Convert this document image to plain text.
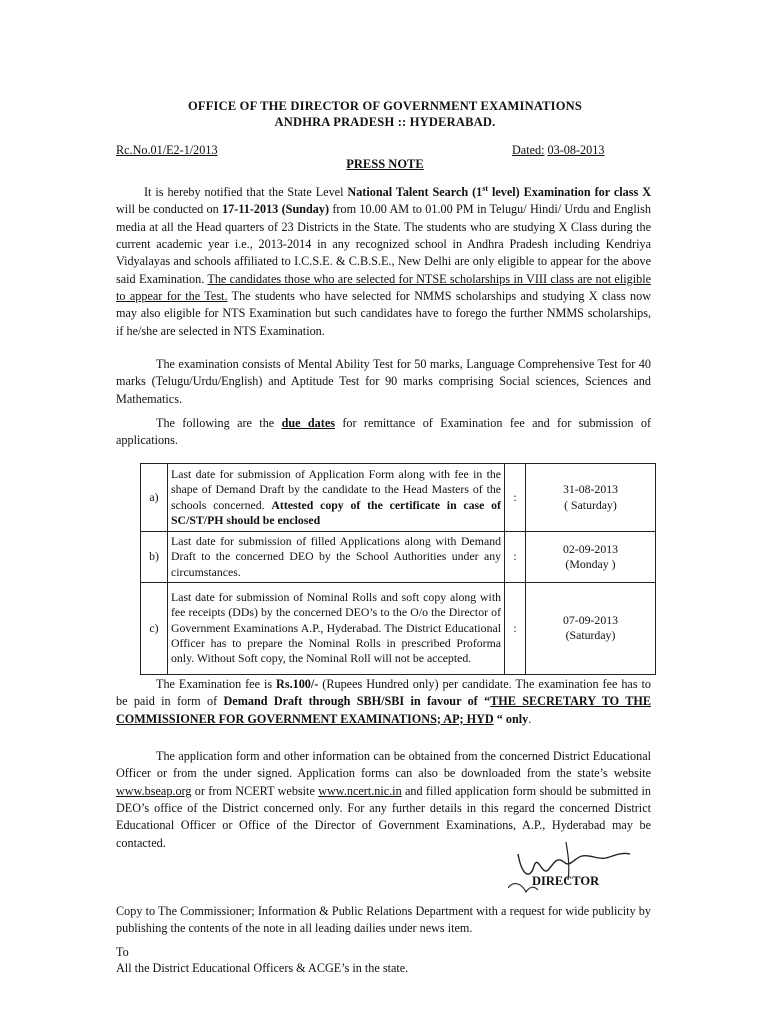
OFFICE OF THE DIRECTOR OF GOVERNMENT EXAMINATIONS
ANDHRA PRADESH :: HYDERABAD.
Rc.No.01/E2-1/2013	Dated: 03-08-2013
PRESS NOTE

It is hereby notified that the State Level National Talent Search (1st level) Examination for class X will be conducted on 17-11-2013 (Sunday) from 10.00 AM to 01.00 PM in Telugu/ Hindi/ Urdu and English media at all the Head quarters of 23 Districts in the State. The students who are studying X Class during the current academic year i.e., 2013-2014 in any recognized school in Andhra Pradesh including Kendriya Vidyalayas and schools affiliated to I.C.S.E. & C.B.S.E., New Delhi are only eligible to appear for the above said Examination. The candidates those who are selected for NTSE scholarships in VIII class are not eligible to appear for the Test. The students who have selected for NMMS scholarships and studying X class now may also eligible for NTS Examination but such candidates have to forego the further NMMS scholarships, if he/she are selected in NTS Examination.

The examination consists of Mental Ability Test for 50 marks, Language Comprehensive Test for 40 marks (Telugu/Urdu/English) and Aptitude Test for 90 marks comprising Social sciences, Sciences and Mathematics.

The following are the due dates for remittance of Examination fee and for submission of applications.

a)	Last date for submission of Application Form along with fee in the shape of Demand Draft by the candidate to the Head Masters of the schools concerned. Attested copy of the certificate in case of SC/ST/PH should be enclosed	:	31-08-2013
( Saturday)

b)	Last date for submission of filled Applications along with Demand Draft to the concerned DEO by the School Authorities under any circumstances.	:	02-09-2013
(Monday )

c)	Last date for submission of Nominal Rolls and soft copy along with fee receipts (DDs) by the concerned DEO’s to the O/o the Director of Government Examinations A.P., Hyderabad. The District Educational Officer has to prepare the Nominal Rolls in prescribed Proforma only. Without Soft copy, the Nominal Roll will not be accepted.	:	07-09-2013
(Saturday)

The Examination fee is Rs.100/- (Rupees Hundred only) per candidate. The examination fee has to be paid in form of Demand Draft through SBH/SBI in favour of “THE SECRETARY TO THE COMMISSIONER FOR GOVERNMENT EXAMINATIONS; AP; HYD “ only.

The application form and other information can be obtained from the concerned District Educational Officer or from the under signed. Application forms can also be downloaded from the state’s website www.bseap.org or from NCERT website www.ncert.nic.in and filled application form should be submitted in DEO’s office of the District concerned only. For any further details in this regard the concerned District Educational Officer or Office of the Director of Government Examinations, A.P., Hyderabad may be contacted.

DIRECTOR

Copy to The Commissioner; Information & Public Relations Department with a request for wide publicity by publishing the contents of the note in all leading dailies under news item.

To
All the District Educational Officers & ACGE’s in the state.
